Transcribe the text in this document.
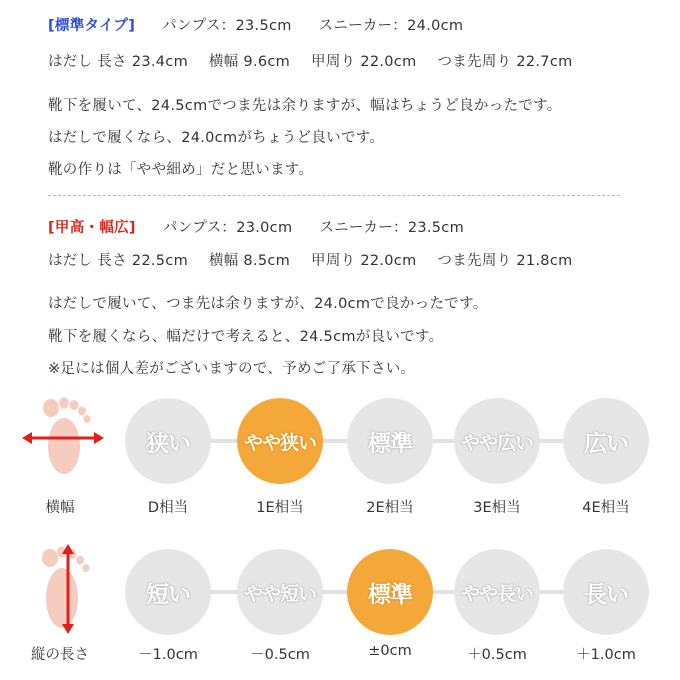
[標準タイプ] パンプス：23.5cm スニーカー：24.0cm
はだし 長さ 23.4cm 横幅 9.6cm 甲周り 22.0cm つま先周り 22.7cm
靴下を履いて、24.5cmでつま先は余りますが、幅はちょうど良かったです。
はだしで履くなら、24.0cmがちょうど良いです。
靴の作りは「やや細め」だと思います。
[甲高・幅広] パンプス：23.0cm スニーカー：23.5cm
はだし 長さ 22.5cm 横幅 8.5cm 甲周り 22.0cm つま先周り 21.8cm
はだしで履いて、つま先は余りますが、24.0cmで良かったです。
靴下を履くなら、幅だけで考えると、24.5cmが良いです。
※足には個人差がございますので、予めご了承下さい。
横幅
狭い	やや狭い	標準	やや広い	広い
D相当	1E相当	2E相当	3E相当	4E相当
縦の長さ
短い	やや短い	標準	やや長い	長い
－1.0cm	－0.5cm	±0cm	＋0.5cm	＋1.0cm
